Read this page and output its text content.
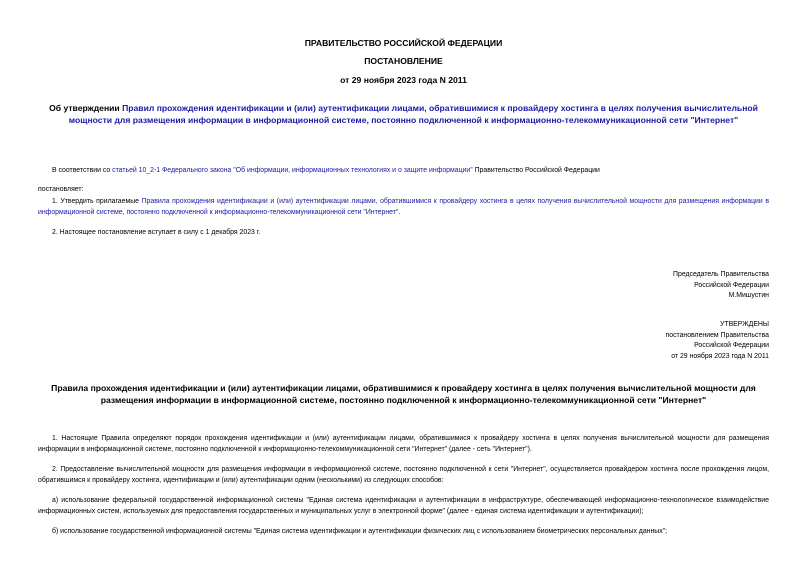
ПРАВИТЕЛЬСТВО РОССИЙСКОЙ ФЕДЕРАЦИИ
ПОСТАНОВЛЕНИЕ
от 29 ноября 2023 года N 2011
Об утверждении Правил прохождения идентификации и (или) аутентификации лицами, обратившимися к провайдеру хостинга в целях получения вычислительной мощности для размещения информации в информационной системе, постоянно подключенной к информационно-телекоммуникационной сети "Интернет"
В соответствии со статьей 10_2-1 Федерального закона "Об информации, информационных технологиях и о защите информации" Правительство Российской Федерации
постановляет:
1. Утвердить прилагаемые Правила прохождения идентификации и (или) аутентификации лицами, обратившимися к провайдеру хостинга в целях получения вычислительной мощности для размещения информации в информационной системе, постоянно подключенной к информационно-телекоммуникационной сети "Интернет".
2. Настоящее постановление вступает в силу с 1 декабря 2023 г.
Председатель Правительства
Российской Федерации
М.Мишустин
УТВЕРЖДЕНЫ
постановлением Правительства
Российской Федерации
от 29 ноября 2023 года N 2011
Правила прохождения идентификации и (или) аутентификации лицами, обратившимися к провайдеру хостинга в целях получения вычислительной мощности для размещения информации в информационной системе, постоянно подключенной к информационно-телекоммуникационной сети "Интернет"
1. Настоящие Правила определяют порядок прохождения идентификации и (или) аутентификации лицами, обратившимися к провайдеру хостинга в целях получения вычислительной мощности для размещения информации в информационной системе, постоянно подключенной к информационно-телекоммуникационной сети "Интернет" (далее - сеть "Интернет").
2. Предоставление вычислительной мощности для размещения информации в информационной системе, постоянно подключенной к сети "Интернет", осуществляется провайдером хостинга после прохождения лицом, обратившимся к провайдеру хостинга, идентификации и (или) аутентификации одним (несколькими) из следующих способов:
а) использование федеральной государственной информационной системы "Единая система идентификации и аутентификации в инфраструктуре, обеспечивающей информационно-технологическое взаимодействие информационных систем, используемых для предоставления государственных и муниципальных услуг в электронной форме" (далее - единая система идентификации и аутентификации);
б) использование государственной информационной системы "Единая система идентификации и аутентификации физических лиц с использованием биометрических персональных данных";
